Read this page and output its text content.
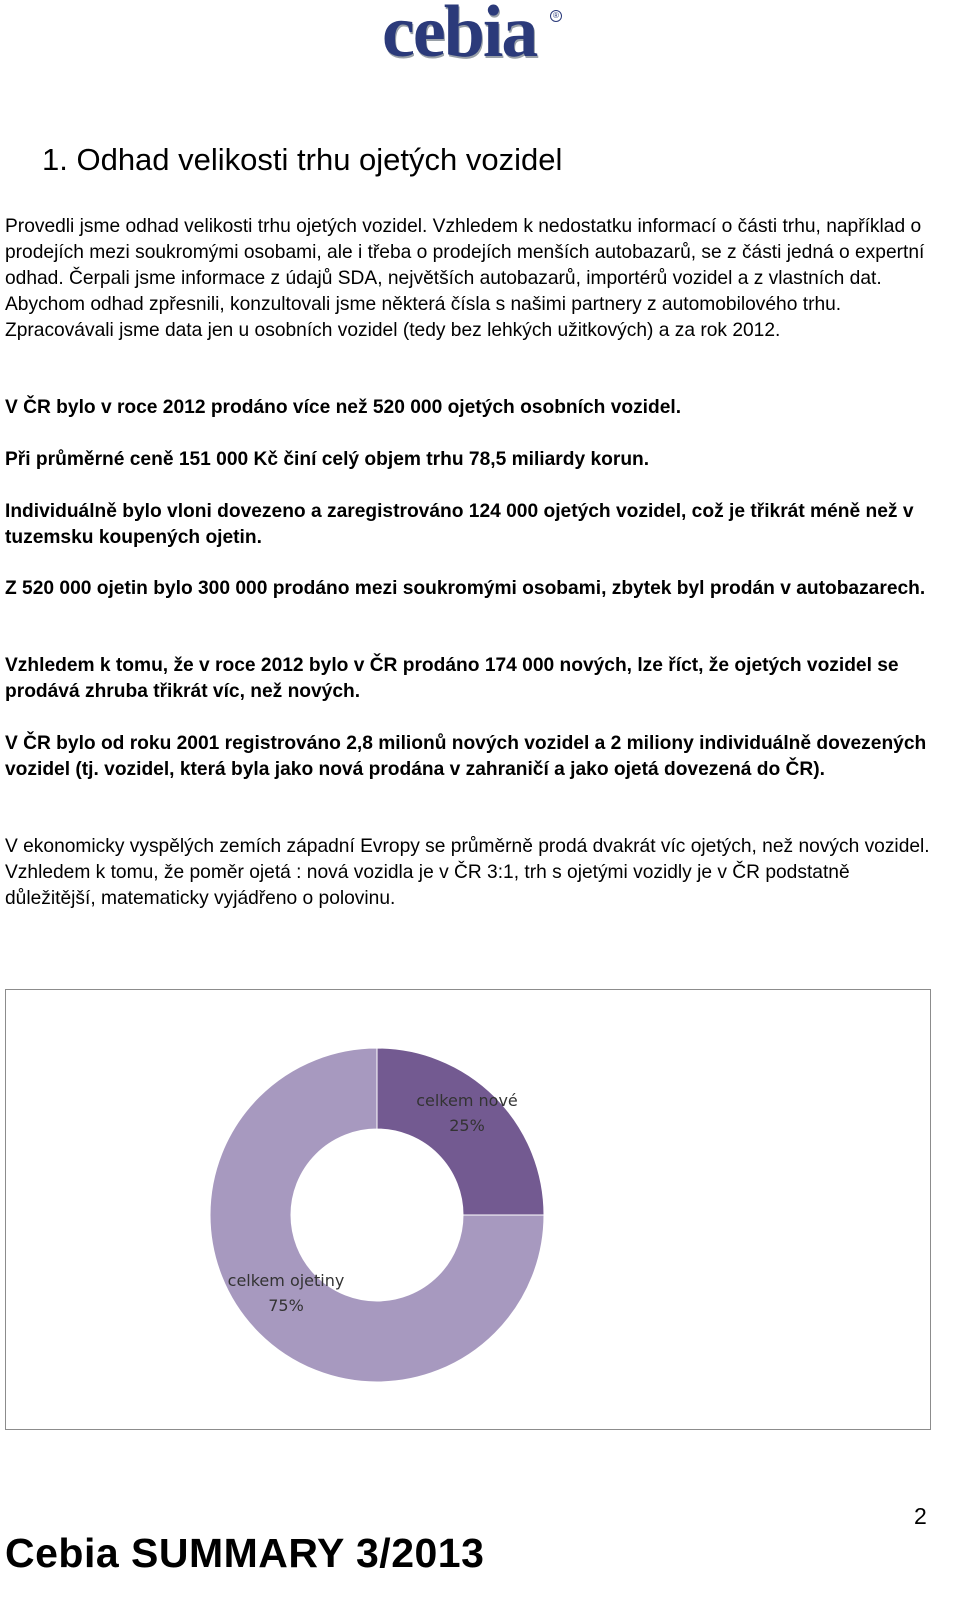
cebia	®
1. Odhad velikosti trhu ojetých vozidel

Provedli jsme odhad velikosti trhu ojetých vozidel. Vzhledem k nedostatku informací o části trhu, například o prodejích mezi soukromými osobami, ale i třeba o prodejích menších autobazarů, se z části jedná o expertní odhad. Čerpali jsme informace z údajů SDA, největších autobazarů, importérů vozidel a z vlastních dat. Abychom odhad zpřesnili, konzultovali jsme některá čísla s našimi partnery z automobilového trhu. Zpracovávali jsme data jen u osobních vozidel (tedy bez lehkých užitkových) a za rok 2012.

V ČR bylo v roce 2012 prodáno více než 520 000 ojetých osobních vozidel.

Při průměrné ceně 151 000 Kč činí celý objem trhu 78,5 miliardy korun.

Individuálně bylo vloni dovezeno a zaregistrováno 124 000 ojetých vozidel, což je třikrát méně než v tuzemsku koupených ojetin.

Z 520 000 ojetin bylo 300 000 prodáno mezi soukromými osobami, zbytek byl prodán v autobazarech.

Vzhledem k tomu, že v roce 2012 bylo v ČR prodáno 174 000 nových, lze říct, že ojetých vozidel se prodává zhruba třikrát víc, než nových.

V ČR bylo od roku 2001 registrováno 2,8 milionů nových vozidel a 2 miliony individuálně dovezených vozidel (tj. vozidel, která byla jako nová prodána v zahraničí a jako ojetá dovezená do ČR).

V ekonomicky vyspělých zemích západní Evropy se průměrně prodá dvakrát víc ojetých, než nových vozidel. Vzhledem k tomu, že poměr ojetá : nová vozidla je v ČR 3:1, trh s ojetými vozidly je v ČR podstatně důležitější, matematicky vyjádřeno o polovinu.

celkem nové 25%
celkem ojetiny 75%
Cebia SUMMARY 3/2013
2
